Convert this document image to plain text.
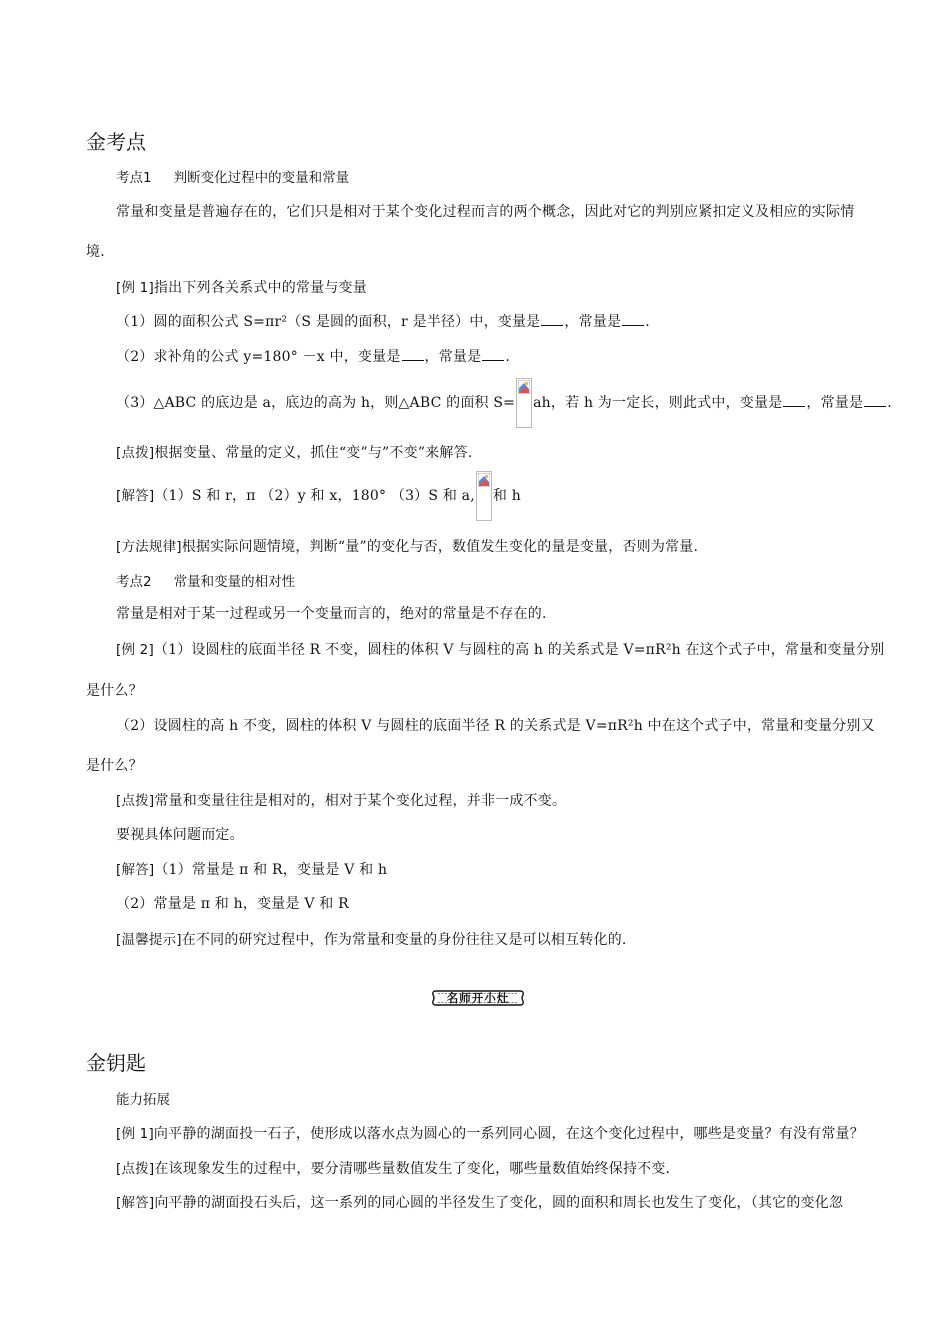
金考点
考点1 判断变化过程中的变量和常量
常量和变量是普遍存在的，它们只是相对于某个变化过程而言的两个概念，因此对它的判别应紧扣定义及相应的实际情
境.
[例 1]指出下列各关系式中的常量与变量
（1）圆的面积公式 S=πr²（S 是圆的面积，r 是半径）中，变量是 ，常量是 .
（2）求补角的公式 y=180° －x 中，变量是 ，常量是 .
（3）△ABC 的底边是 a，底边的高为 h，则△ABC 的面积 S= ah，若 h 为一定长，则此式中，变量是 ，常量是 .
[点拨]根据变量、常量的定义，抓住“变”与”不变”来解答.
[解答]（1）S 和 r，π （2）y 和 x，180° （3）S 和 a, 和 h
[方法规律]根据实际问题情境，判断“量”的变化与否，数值发生变化的量是变量，否则为常量.
考点2 常量和变量的相对性
常量是相对于某一过程或另一个变量而言的，绝对的常量是不存在的.
[例 2]（1）设圆柱的底面半径 R 不变，圆柱的体积 V 与圆柱的高 h 的关系式是 V=πR²h 在这个式子中，常量和变量分别
是什么？
（2）设圆柱的高 h 不变，圆柱的体积 V 与圆柱的底面半径 R 的关系式是 V=πR²h 中在这个式子中，常量和变量分别又
是什么？
[点拨]常量和变量往往是相对的，相对于某个变化过程，并非一成不变。
要视具体问题而定。
[解答]（1）常量是 π 和 R，变量是 V 和 h
（2）常量是 π 和 h，变量是 V 和 R
[温馨提示]在不同的研究过程中，作为常量和变量的身份往往又是可以相互转化的.
名师开小灶
金钥匙
能力拓展
[例 1]向平静的湖面投一石子，使形成以落水点为圆心的一系列同心圆，在这个变化过程中，哪些是变量？有没有常量？
[点拨]在该现象发生的过程中，要分清哪些量数值发生了变化，哪些量数值始终保持不变.
[解答]向平静的湖面投石头后，这一系列的同心圆的半径发生了变化，圆的面积和周长也发生了变化，（其它的变化忽
